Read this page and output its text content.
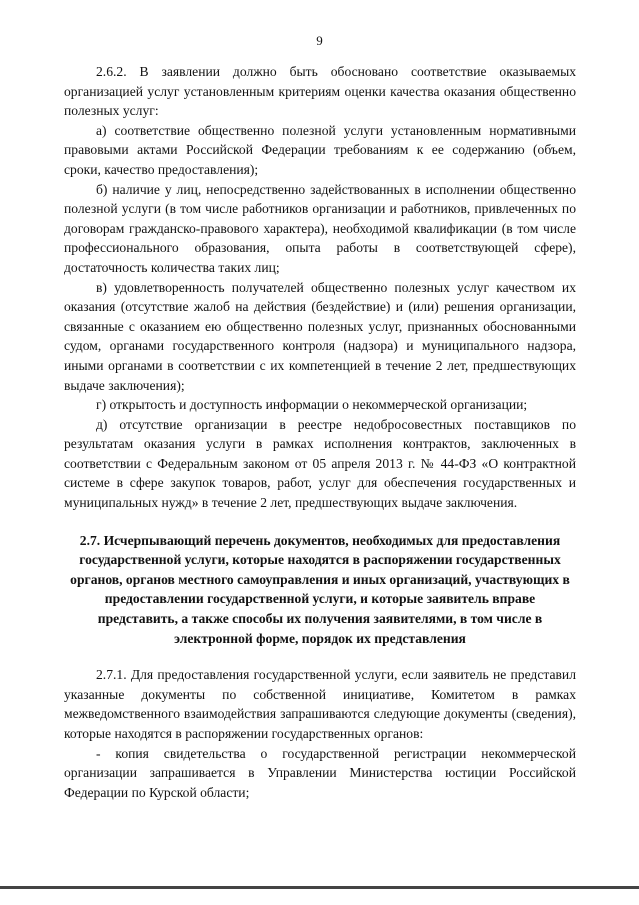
9

2.6.2. В заявлении должно быть обосновано соответствие оказываемых организацией услуг установленным критериям оценки качества оказания общественно полезных услуг:

а) соответствие общественно полезной услуги установленным нормативными правовыми актами Российской Федерации требованиям к ее содержанию (объем, сроки, качество предоставления);

б) наличие у лиц, непосредственно задействованных в исполнении общественно полезной услуги (в том числе работников организации и работников, привлеченных по договорам гражданско-правового характера), необходимой квалификации (в том числе профессионального образования, опыта работы в соответствующей сфере), достаточность количества таких лиц;

в) удовлетворенность получателей общественно полезных услуг качеством их оказания (отсутствие жалоб на действия (бездействие) и (или) решения организации, связанные с оказанием ею общественно полезных услуг, признанных обоснованными судом, органами государственного контроля (надзора) и муниципального надзора, иными органами в соответствии с их компетенцией в течение 2 лет, предшествующих выдаче заключения);

г) открытость и доступность информации о некоммерческой организации;

д) отсутствие организации в реестре недобросовестных поставщиков по результатам оказания услуги в рамках исполнения контрактов, заключенных в соответствии с Федеральным законом от 05 апреля 2013 г. № 44-ФЗ «О контрактной системе в сфере закупок товаров, работ, услуг для обеспечения государственных и муниципальных нужд» в течение 2 лет, предшествующих выдаче заключения.

2.7. Исчерпывающий перечень документов, необходимых для предоставления государственной услуги, которые находятся в распоряжении государственных органов, органов местного самоуправления и иных организаций, участвующих в предоставлении государственной услуги, и которые заявитель вправе представить, а также способы их получения заявителями, в том числе в электронной форме, порядок их представления

2.7.1. Для предоставления государственной услуги, если заявитель не представил указанные документы по собственной инициативе, Комитетом в рамках межведомственного взаимодействия запрашиваются следующие документы (сведения), которые находятся в распоряжении государственных органов:

- копия свидетельства о государственной регистрации некоммерческой организации запрашивается в Управлении Министерства юстиции Российской Федерации по Курской области;
